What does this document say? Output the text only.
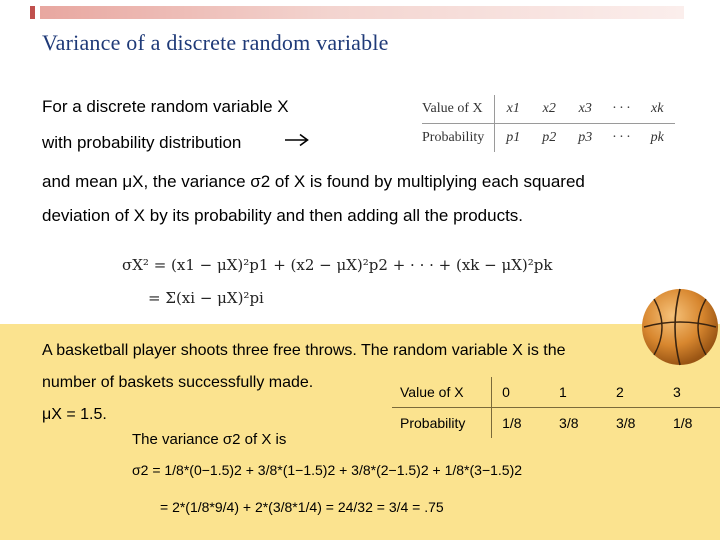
Variance of a discrete random variable
For a discrete random variable X
with probability distribution
Value of X	x1	x2	x3	· · ·	xk
Probability	p1	p2	p3	· · ·	pk
and mean μX, the variance σ2 of X is found by multiplying each squared
deviation of X by its probability and then adding all the products.
σX² = (x1 − μX)²p1 + (x2 − μX)²p2 + · · · + (xk − μX)²pk
= Σ(xi − μX)²pi
A basketball player shoots three free throws. The random variable X is the
number of baskets successfully made.
μX = 1.5.
The variance σ2 of X is
Value of X	0	1	2	3
Probability	1/8	3/8	3/8	1/8
σ2 = 1/8*(0−1.5)2 + 3/8*(1−1.5)2 + 3/8*(2−1.5)2 + 1/8*(3−1.5)2
= 2*(1/8*9/4) + 2*(3/8*1/4) = 24/32 = 3/4 = .75
